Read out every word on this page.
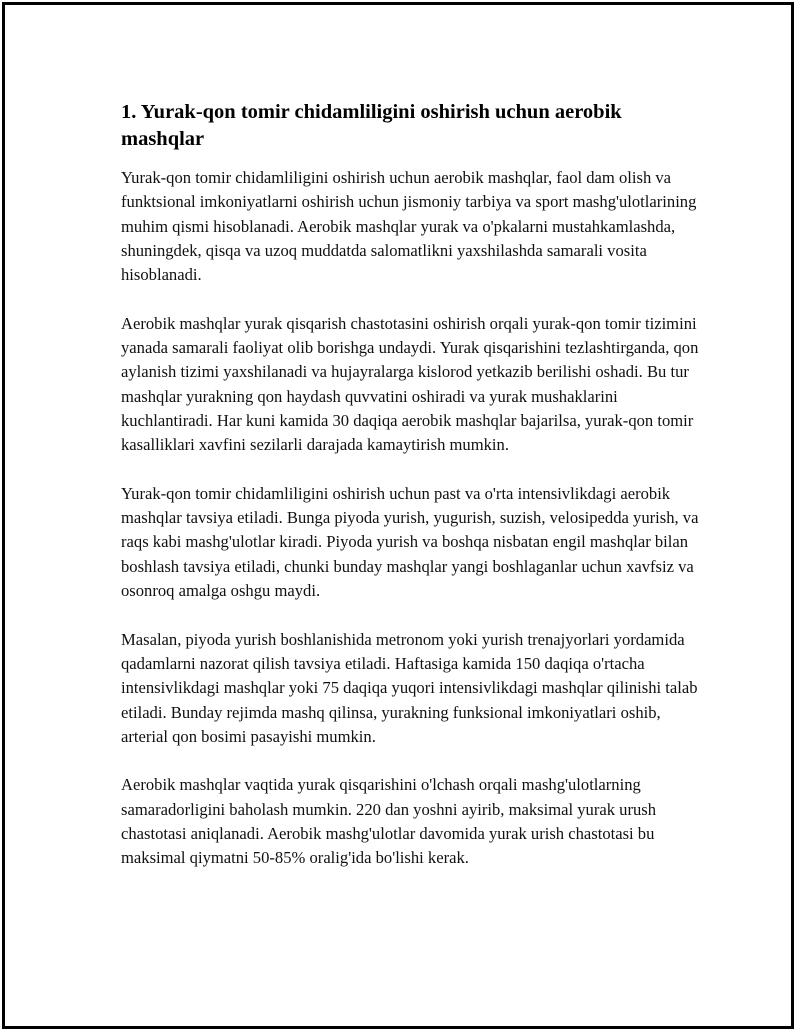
1. Yurak-qon tomir chidamliligini oshirish uchun aerobik mashqlar

Yurak-qon tomir chidamliligini oshirish uchun aerobik mashqlar, faol dam olish va funktsional imkoniyatlarni oshirish uchun jismoniy tarbiya va sport mashg'ulotlarining muhim qismi hisoblanadi. Aerobik mashqlar yurak va o'pkalarni mustahkamlashda, shuningdek, qisqa va uzoq muddatda salomatlikni yaxshilashda samarali vosita hisoblanadi.

Aerobik mashqlar yurak qisqarish chastotasini oshirish orqali yurak-qon tomir tizimini yanada samarali faoliyat olib borishga undaydi. Yurak qisqarishini tezlashtirganda, qon aylanish tizimi yaxshilanadi va hujayralarga kislorod yetkazib berilishi oshadi. Bu tur mashqlar yurakning qon haydash quvvatini oshiradi va yurak mushaklarini kuchlantiradi. Har kuni kamida 30 daqiqa aerobik mashqlar bajarilsa, yurak-qon tomir kasalliklari xavfini sezilarli darajada kamaytirish mumkin.

Yurak-qon tomir chidamliligini oshirish uchun past va o'rta intensivlikdagi aerobik mashqlar tavsiya etiladi. Bunga piyoda yurish, yugurish, suzish, velosipedda yurish, va raqs kabi mashg'ulotlar kiradi. Piyoda yurish va boshqa nisbatan engil mashqlar bilan boshlash tavsiya etiladi, chunki bunday mashqlar yangi boshlaganlar uchun xavfsiz va osonroq amalga oshgu maydi.

Masalan, piyoda yurish boshlanishida metronom yoki yurish trenajyorlari yordamida qadamlarni nazorat qilish tavsiya etiladi. Haftasiga kamida 150 daqiqa o'rtacha intensivlikdagi mashqlar yoki 75 daqiqa yuqori intensivlikdagi mashqlar qilinishi talab etiladi. Bunday rejimda mashq qilinsa, yurakning funksional imkoniyatlari oshib, arterial qon bosimi pasayishi mumkin.

Aerobik mashqlar vaqtida yurak qisqarishini o'lchash orqali mashg'ulotlarning samaradorligini baholash mumkin. 220 dan yoshni ayirib, maksimal yurak urush chastotasi aniqlanadi. Aerobik mashg'ulotlar davomida yurak urish chastotasi bu maksimal qiymatni 50-85% oralig'ida bo'lishi kerak.
